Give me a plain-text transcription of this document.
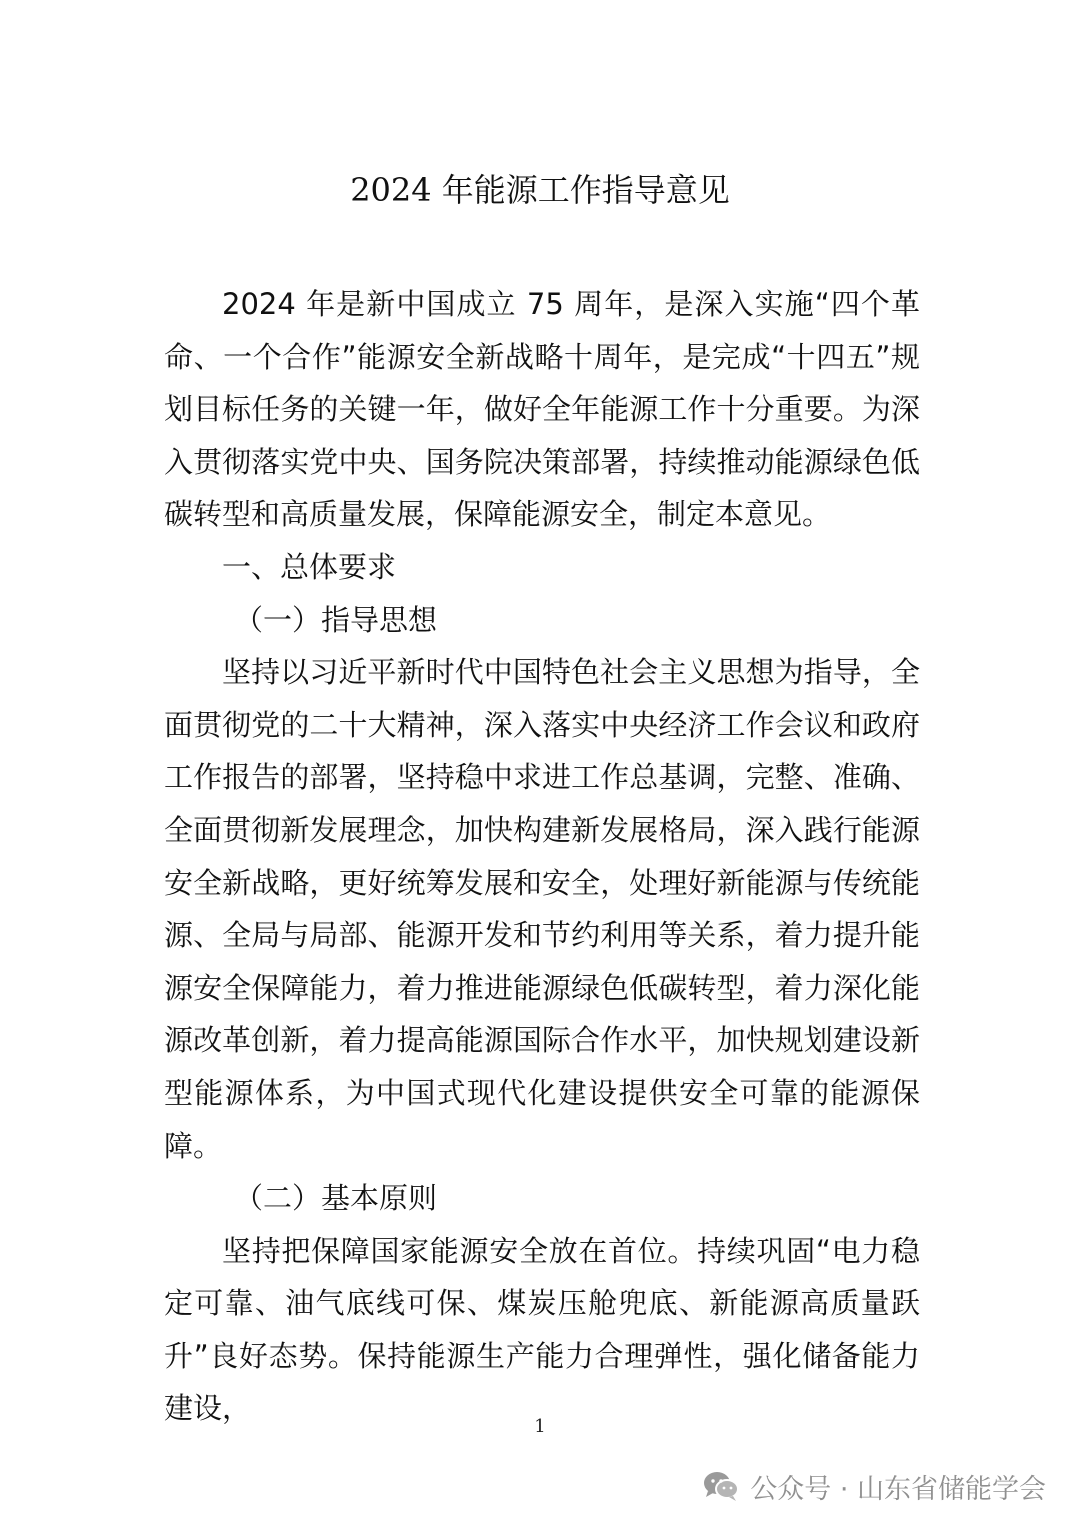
2024 年能源工作指导意见

2024 年是新中国成立 75 周年，是深入实施“四个革命、一个合作”能源安全新战略十周年，是完成“十四五”规划目标任务的关键一年，做好全年能源工作十分重要。为深入贯彻落实党中央、国务院决策部署，持续推动能源绿色低碳转型和高质量发展，保障能源安全，制定本意见。

一、总体要求

（一）指导思想

坚持以习近平新时代中国特色社会主义思想为指导，全面贯彻党的二十大精神，深入落实中央经济工作会议和政府工作报告的部署，坚持稳中求进工作总基调，完整、准确、全面贯彻新发展理念，加快构建新发展格局，深入践行能源安全新战略，更好统筹发展和安全，处理好新能源与传统能源、全局与局部、能源开发和节约利用等关系，着力提升能源安全保障能力，着力推进能源绿色低碳转型，着力深化能源改革创新，着力提高能源国际合作水平，加快规划建设新型能源体系，为中国式现代化建设提供安全可靠的能源保障。

（二）基本原则

坚持把保障国家能源安全放在首位。持续巩固“电力稳定可靠、油气底线可保、煤炭压舱兜底、新能源高质量跃升”良好态势。保持能源生产能力合理弹性，强化储备能力建设，

1
公众号 · 山东省储能学会
